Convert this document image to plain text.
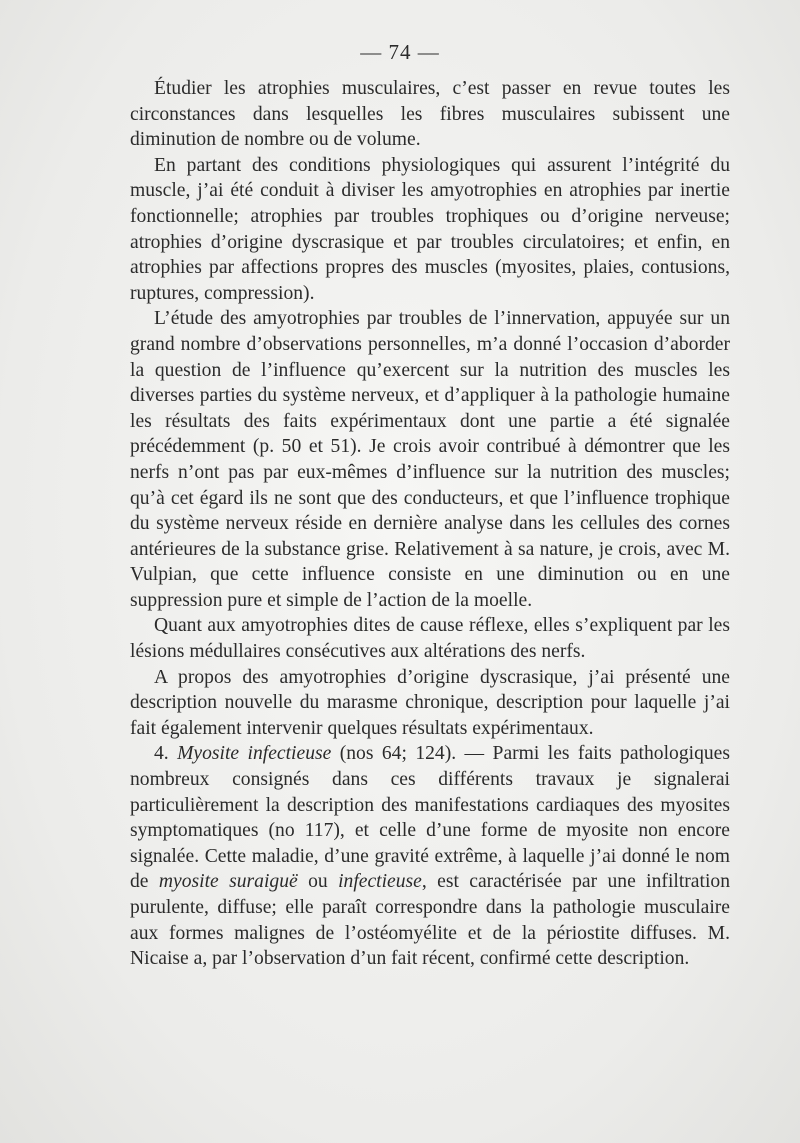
— 74 —

Étudier les atrophies musculaires, c’est passer en revue toutes les circonstances dans lesquelles les fibres musculaires subissent une diminution de nombre ou de volume.

En partant des conditions physiologiques qui assurent l’intégrité du muscle, j’ai été conduit à diviser les amyotrophies en atrophies par inertie fonctionnelle; atrophies par troubles trophiques ou d’origine nerveuse; atrophies d’origine dyscrasique et par troubles circulatoires; et enfin, en atrophies par affections propres des muscles (myosites, plaies, contusions, ruptures, compression).

L’étude des amyotrophies par troubles de l’innervation, appuyée sur un grand nombre d’observations personnelles, m’a donné l’occasion d’aborder la question de l’influence qu’exercent sur la nutrition des muscles les diverses parties du système nerveux, et d’appliquer à la pathologie humaine les résultats des faits expérimentaux dont une partie a été signalée précédemment (p. 50 et 51). Je crois avoir contribué à démontrer que les nerfs n’ont pas par eux-mêmes d’influence sur la nutrition des muscles; qu’à cet égard ils ne sont que des conducteurs, et que l’influence trophique du système nerveux réside en dernière analyse dans les cellules des cornes antérieures de la substance grise. Relativement à sa nature, je crois, avec M. Vulpian, que cette influence consiste en une diminution ou en une suppression pure et simple de l’action de la moelle.

Quant aux amyotrophies dites de cause réflexe, elles s’expliquent par les lésions médullaires consécutives aux altérations des nerfs.

A propos des amyotrophies d’origine dyscrasique, j’ai présenté une description nouvelle du marasme chronique, description pour laquelle j’ai fait également intervenir quelques résultats expérimentaux.

4. Myosite infectieuse (nos 64; 124). — Parmi les faits pathologiques nombreux consignés dans ces différents travaux je signalerai particulièrement la description des manifestations cardiaques des myosites symptomatiques (no 117), et celle d’une forme de myosite non encore signalée. Cette maladie, d’une gravité extrême, à laquelle j’ai donné le nom de myosite suraiguë ou infectieuse, est caractérisée par une infiltration purulente, diffuse; elle paraît correspondre dans la pathologie musculaire aux formes malignes de l’ostéomyélite et de la périostite diffuses. M. Nicaise a, par l’observation d’un fait récent, confirmé cette description.
